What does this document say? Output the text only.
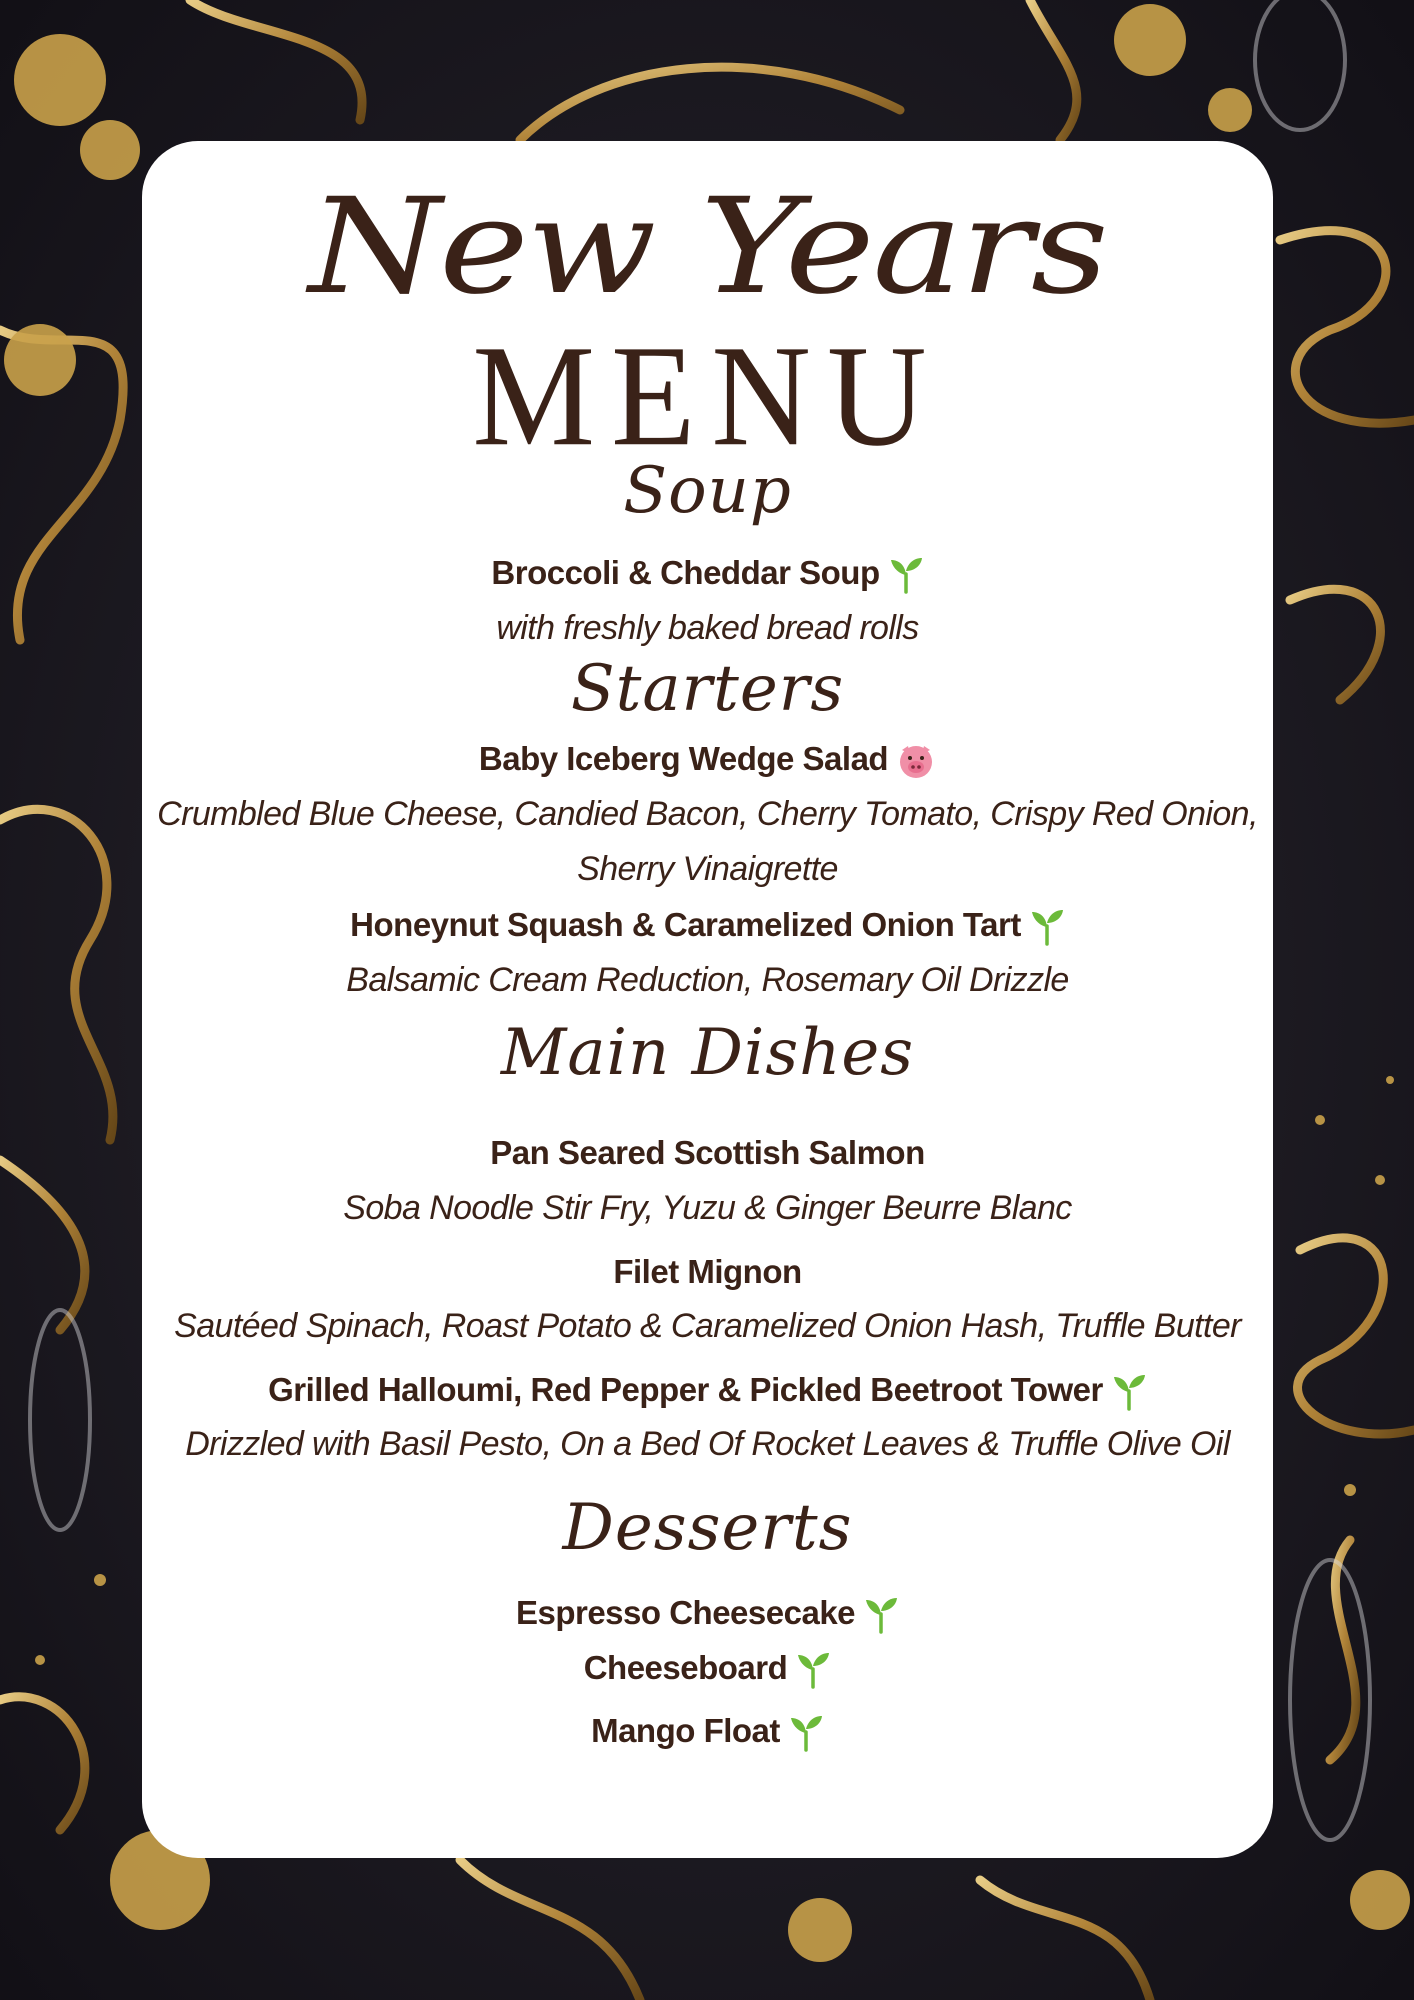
New Years
MENU
Soup
Broccoli & Cheddar Soup
with freshly baked bread rolls
Starters
Baby Iceberg Wedge Salad
Crumbled Blue Cheese, Candied Bacon, Cherry Tomato, Crispy Red Onion,
Sherry Vinaigrette
Honeynut Squash & Caramelized Onion Tart
Balsamic Cream Reduction, Rosemary Oil Drizzle
Main Dishes
Pan Seared Scottish Salmon
Soba Noodle Stir Fry, Yuzu & Ginger Beurre Blanc
Filet Mignon
Sautéed Spinach, Roast Potato & Caramelized Onion Hash, Truffle Butter
Grilled Halloumi, Red Pepper & Pickled Beetroot Tower
Drizzled with Basil Pesto, On a Bed Of Rocket Leaves & Truffle Olive Oil
Desserts
Espresso Cheesecake
Cheeseboard
Mango Float
